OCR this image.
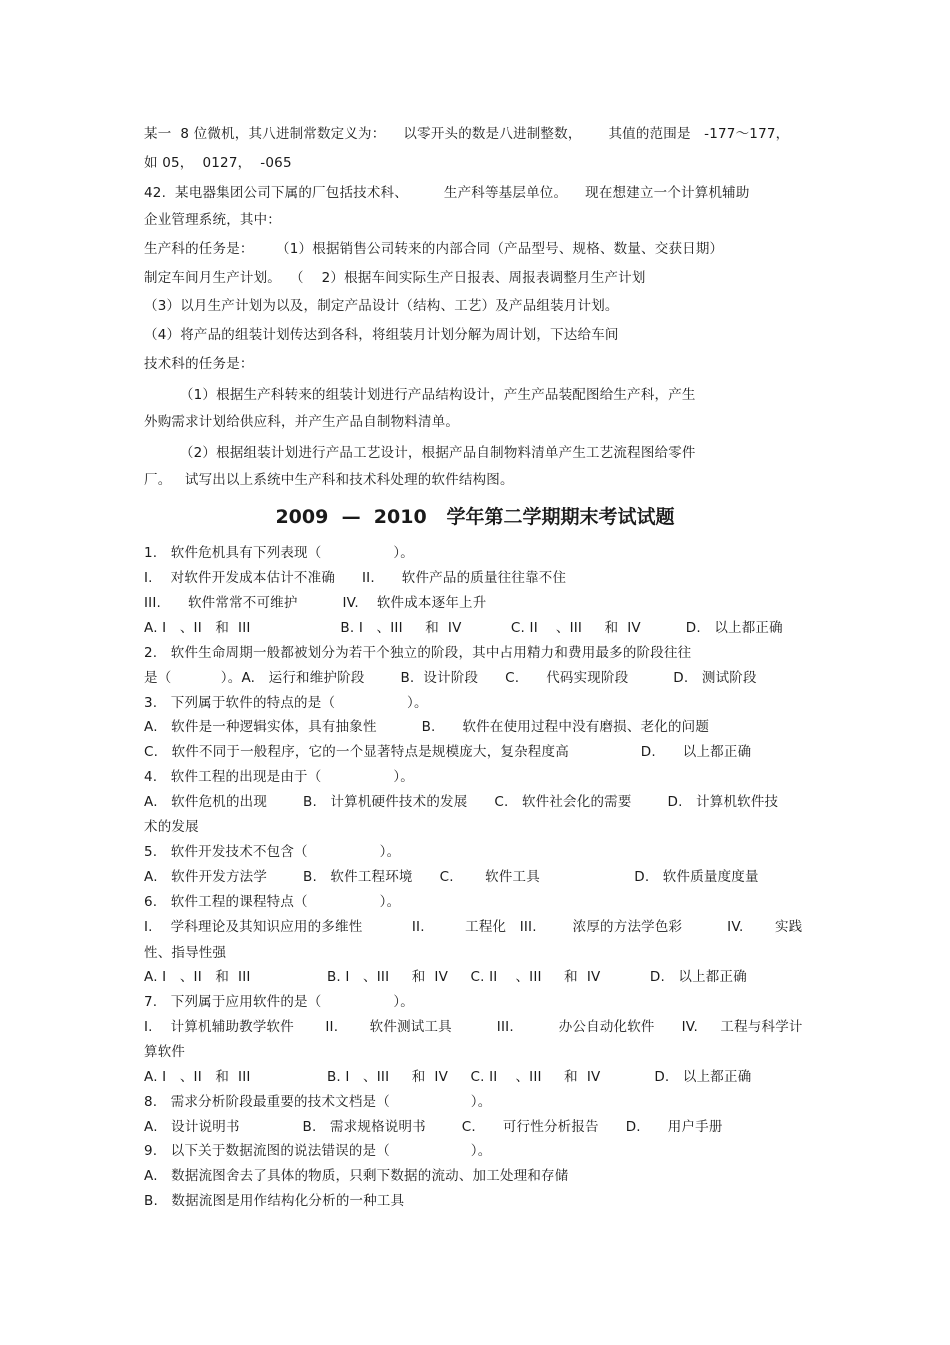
某一  8 位微机，其八进制常数定义为：    以零开头的数是八进制整数，      其值的范围是   -177～177，
如 05，  0127，  -065
42.  某电器集团公司下属的厂包括技术科、        生产科等基层单位。    现在想建立一个计算机辅助
企业管理系统，其中：
生产科的任务是：     （1）根据销售公司转来的内部合同（产品型号、规格、数量、交获日期）
制定车间月生产计划。  （    2）根据车间实际生产日报表、周报表调整月生产计划
（3）以月生产计划为以及，制定产品设计（结构、工艺）及产品组装月计划。
（4）将产品的组装计划传达到各科，将组装月计划分解为周计划，下达给车间
技术科的任务是：
（1）根据生产科转来的组装计划进行产品结构设计，产生产品装配图给生产科，产生
外购需求计划给供应科，并产生产品自制物料清单。
（2）根据组装计划进行产品工艺设计，根据产品自制物料清单产生工艺流程图给零件
厂。   试写出以上系统中生产科和技术科处理的软件结构图。
2009  —  2010   学年第二学期期末考试试题
1.   软件危机具有下列表现（                ）。
I.    对软件开发成本估计不准确      II.      软件产品的质量往往靠不住
III.      软件常常不可维护          IV.    软件成本逐年上升
A. I   、II   和  III                    B. I   、III     和  IV           C. II    、III     和  IV          D.   以上都正确
2.   软件生命周期一般都被划分为若干个独立的阶段，其中占用精力和费用最多的阶段往往
是（           ）。A.   运行和维护阶段        B.  设计阶段      C.      代码实现阶段          D.   测试阶段
3.   下列属于软件的特点的是（                ）。
A.   软件是一种逻辑实体，具有抽象性          B.      软件在使用过程中没有磨损、老化的问题
C.   软件不同于一般程序，它的一个显著特点是规模庞大，复杂程度高                D.      以上都正确
4.   软件工程的出现是由于（                ）。
A.   软件危机的出现        B.   计算机硬件技术的发展      C.   软件社会化的需要        D.   计算机软件技
术的发展
5.   软件开发技术不包含（                ）。
A.   软件开发方法学        B.   软件工程环境      C.       软件工具                     D.   软件质量度度量
6.   软件工程的课程特点（                ）。
I.    学科理论及其知识应用的多维性           II.         工程化   III.        浓厚的方法学色彩          IV.       实践
性、指导性强
A. I   、II   和  III                 B. I   、III     和  IV     C. II    、III     和  IV           D.   以上都正确
7.   下列属于应用软件的是（                ）。
I.    计算机辅助教学软件       II.       软件测试工具          III.          办公自动化软件      IV.     工程与科学计
算软件
A. I   、II   和  III                 B. I   、III     和  IV     C. II    、III     和  IV            D.   以上都正确
8.   需求分析阶段最重要的技术文档是（                  ）。
A.   设计说明书              B.   需求规格说明书        C.      可行性分析报告      D.      用户手册
9.   以下关于数据流图的说法错误的是（                  ）。
A.   数据流图舍去了具体的物质，只剩下数据的流动、加工处理和存储
B.   数据流图是用作结构化分析的一种工具
